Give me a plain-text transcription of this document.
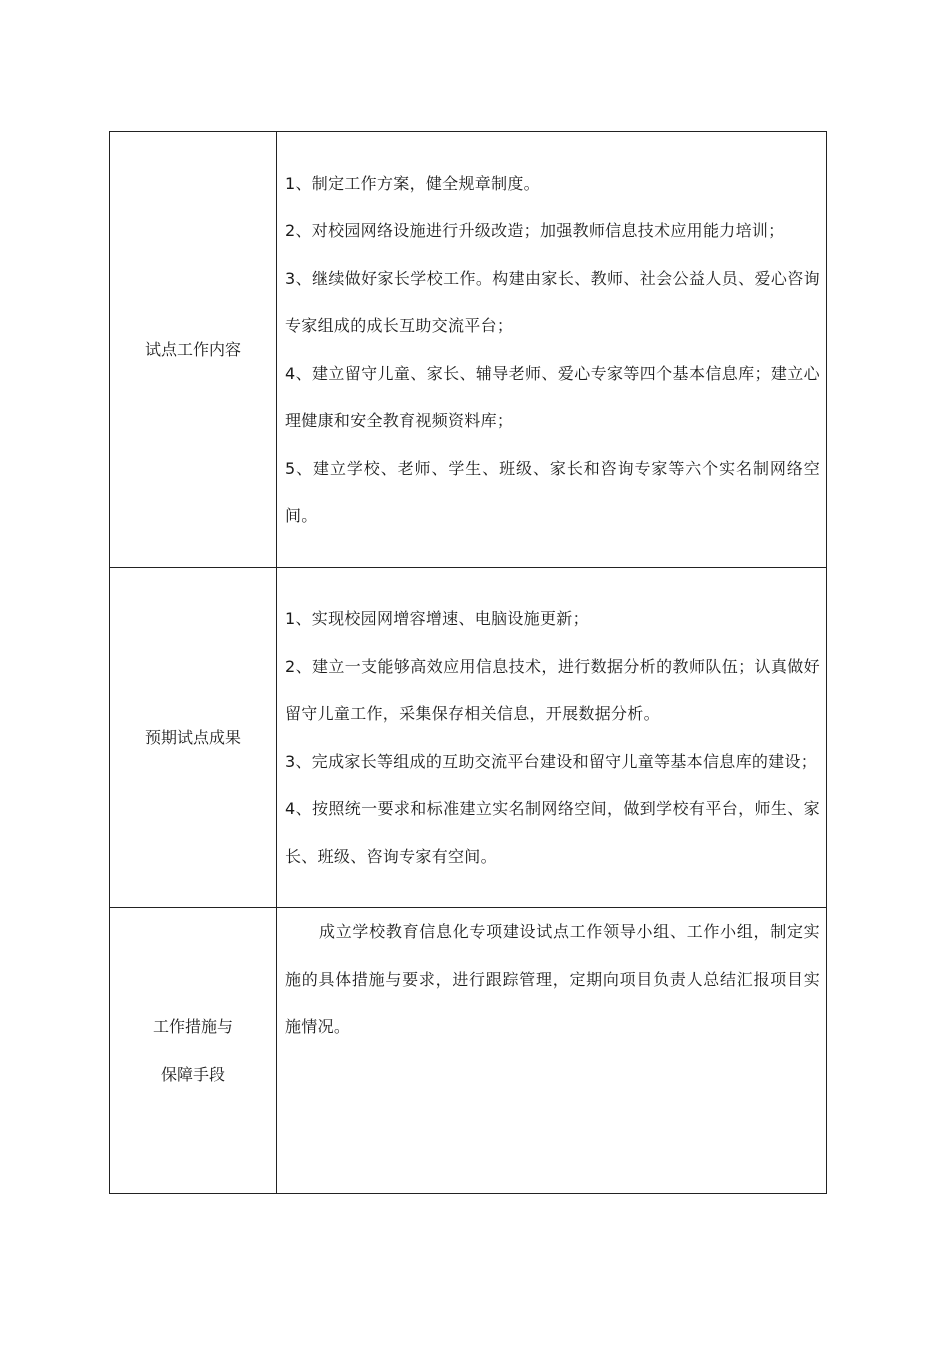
试点工作内容	1、制定工作方案，健全规章制度。

2、对校园网络设施进行升级改造；加强教师信息技术应用能力培训；

3、继续做好家长学校工作。构建由家长、教师、社会公益人员、爱心咨询专家组成的成长互助交流平台；

4、建立留守儿童、家长、辅导老师、爱心专家等四个基本信息库；建立心理健康和安全教育视频资料库；

5、建立学校、老师、学生、班级、家长和咨询专家等六个实名制网络空间。

预期试点成果	1、实现校园网增容增速、电脑设施更新；

2、建立一支能够高效应用信息技术，进行数据分析的教师队伍；认真做好留守儿童工作，采集保存相关信息，开展数据分析。

3、完成家长等组成的互助交流平台建设和留守儿童等基本信息库的建设；

4、按照统一要求和标准建立实名制网络空间，做到学校有平台，师生、家长、班级、咨询专家有空间。

工作措施与
保障手段	成立学校教育信息化专项建设试点工作领导小组、工作小组，制定实施的具体措施与要求，进行跟踪管理，定期向项目负责人总结汇报项目实施情况。
